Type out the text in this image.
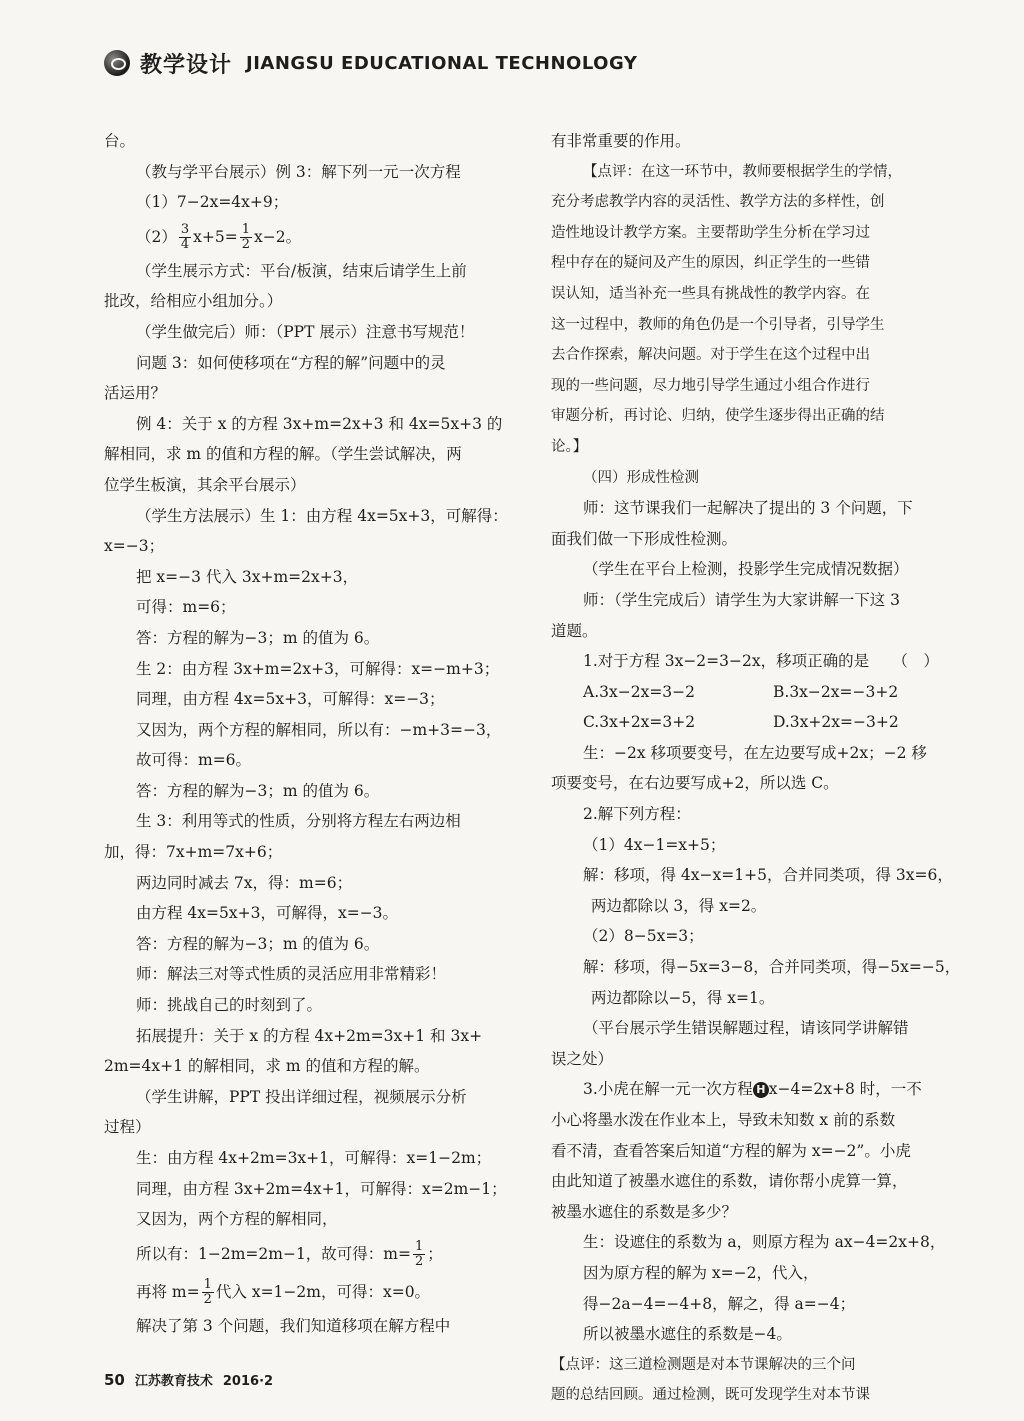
教学设计 JIANGSU EDUCATIONAL TECHNOLOGY

台。

（教与学平台展示）例 3：解下列一元一次方程

（1）7−2x=4x+9；

$(2) \frac{3}{4} x+5= \frac{1}{2} x-2$。

（学生展示方式：平台/板演，结束后请学生上前

批改，给相应小组加分。）

（学生做完后）师：（PPT 展示）注意书写规范！

问题 3：如何使移项在“方程的解”问题中的灵

活运用？

例 4：关于 x 的方程 3x+m=2x+3 和 4x=5x+3 的

解相同，求 m 的值和方程的解。（学生尝试解决，两

位学生板演，其余平台展示）

（学生方法展示）生 1：由方程 4x=5x+3，可解得：

x=−3；

把 x=−3 代入 3x+m=2x+3，

可得：m=6；

答：方程的解为−3；m 的值为 6。

生 2：由方程 3x+m=2x+3，可解得：x=−m+3；

同理，由方程 4x=5x+3，可解得：x=−3；

又因为，两个方程的解相同，所以有：−m+3=−3，

故可得：m=6。

答：方程的解为−3；m 的值为 6。

生 3：利用等式的性质，分别将方程左右两边相

加，得：7x+m=7x+6；

两边同时减去 7x，得：m=6；

由方程 4x=5x+3，可解得，x=−3。

答：方程的解为−3；m 的值为 6。

师：解法三对等式性质的灵活应用非常精彩！

师：挑战自己的时刻到了。

拓展提升：关于 x 的方程 4x+2m=3x+1 和 3x+

2m=4x+1 的解相同，求 m 的值和方程的解。

（学生讲解，PPT 投出详细过程，视频展示分析

过程）

生：由方程 4x+2m=3x+1，可解得：x=1−2m；

同理，由方程 3x+2m=4x+1，可解得：x=2m−1；

又因为，两个方程的解相同，

所以有：1−2m=2m−1，故可得：$m= \frac{1}{2}$ ；

再将 $m= \frac{1}{2}$ 代入 x=1−2m，可得：x=0。

解决了第 3 个问题，我们知道移项在解方程中

有非常重要的作用。

【点评：在这一环节中，教师要根据学生的学情，

充分考虑教学内容的灵活性、教学方法的多样性，创

造性地设计教学方案。主要帮助学生分析在学习过

程中存在的疑问及产生的原因，纠正学生的一些错

误认知，适当补充一些具有挑战性的教学内容。在

这一过程中，教师的角色仍是一个引导者，引导学生

去合作探索，解决问题。对于学生在这个过程中出

现的一些问题，尽力地引导学生通过小组合作进行

审题分析，再讨论、归纳，使学生逐步得出正确的结

论。】

（四）形成性检测

师：这节课我们一起解决了提出的 3 个问题，下

面我们做一下形成性检测。

（学生在平台上检测，投影学生完成情况数据）

师：（学生完成后）请学生为大家讲解一下这 3

道题。

1.对于方程 3x−2=3−2x，移项正确的是　　（　）

A.3x−2x=3−2	B.3x−2x=−3+2

C.3x+2x=3+2	D.3x+2x=−3+2

生：−2x 移项要变号，在左边要写成+2x；−2 移

项要变号，在右边要写成+2，所以选 C。

2.解下列方程：

（1）4x−1=x+5；

解：移项，得 4x−x=1+5，合并同类项，得 3x=6，

两边都除以 3，得 x=2。

（2）8−5x=3；

解：移项，得−5x=3−8，合并同类项，得−5x=−5，

两边都除以−5，得 x=1。

（平台展示学生错误解题过程，请该同学讲解错

误之处）

3.小虎在解一元一次方程 H x−4=2x+8 时，一不

小心将墨水泼在作业本上，导致未知数 x 前的系数

看不清，查看答案后知道“方程的解为 x=−2”。小虎

由此知道了被墨水遮住的系数，请你帮小虎算一算，

被墨水遮住的系数是多少？

生：设遮住的系数为 a，则原方程为 ax−4=2x+8，

因为原方程的解为 x=−2，代入，

得−2a−4=−4+8，解之，得 a=−4；

所以被墨水遮住的系数是−4。

【点评：这三道检测题是对本节课解决的三个问

题的总结回顾。通过检测，既可发现学生对本节课

50 江苏教育技术 2016·2
